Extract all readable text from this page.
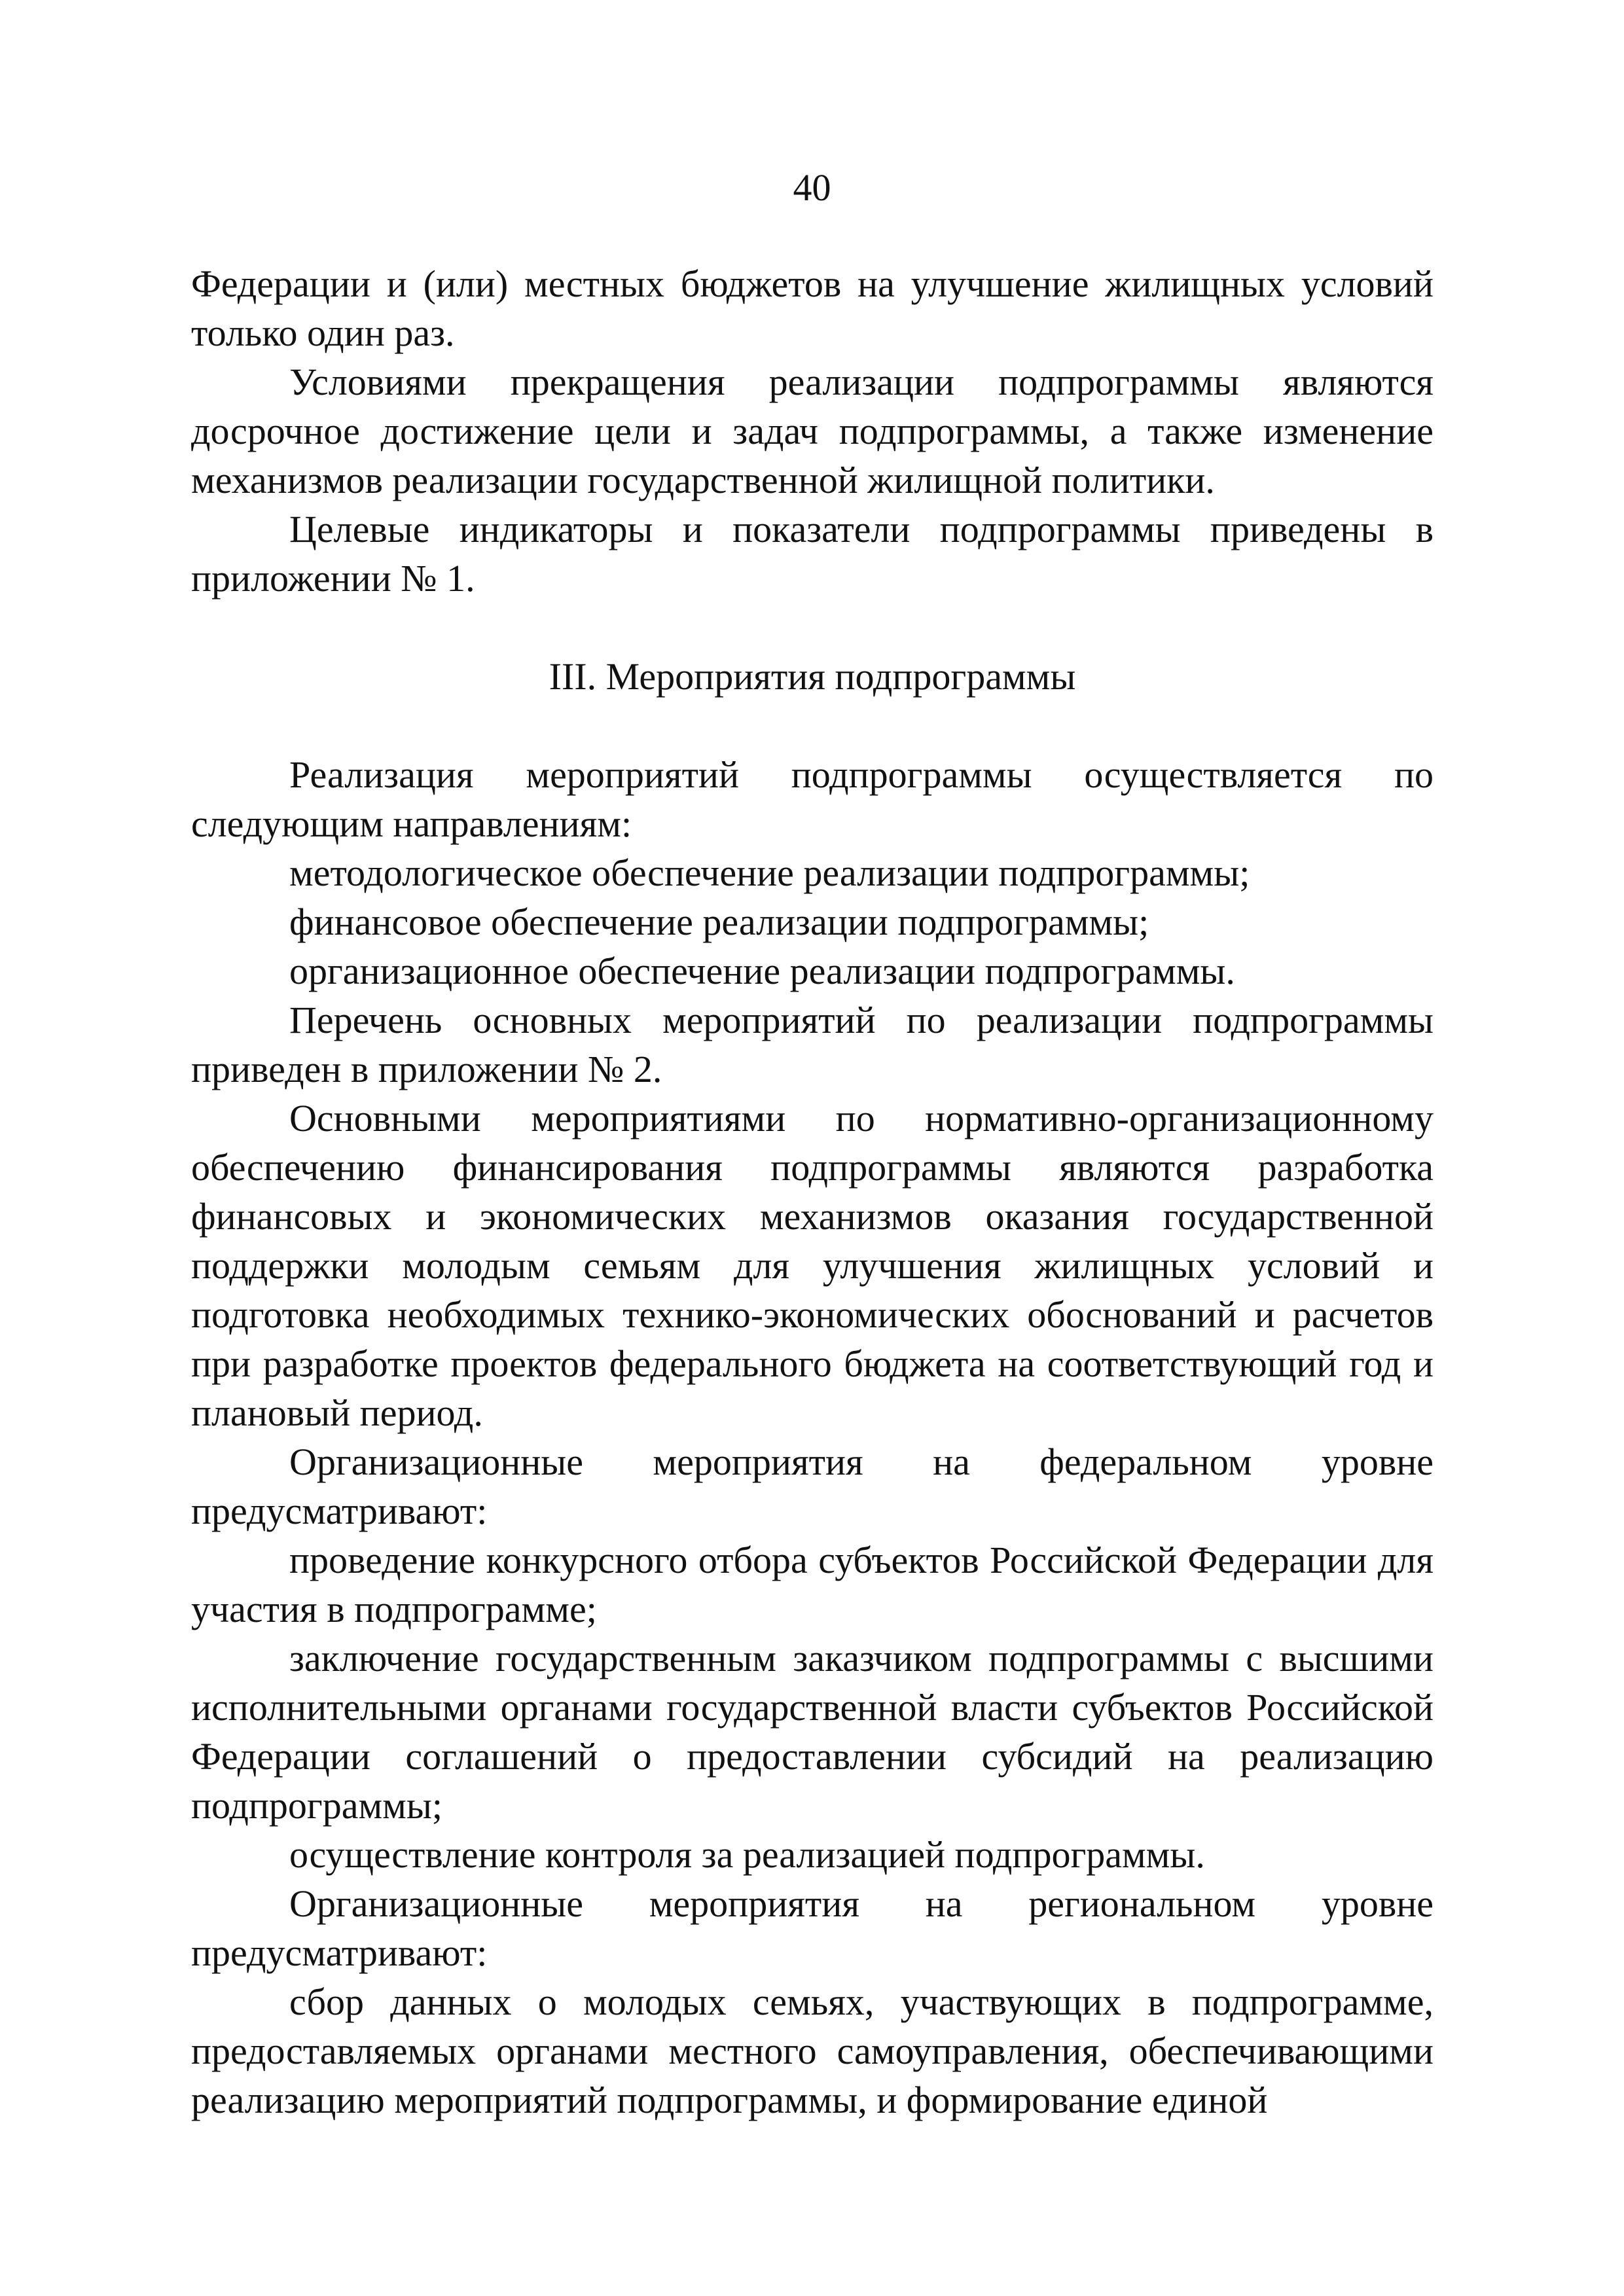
40

Федерации и (или) местных бюджетов на улучшение жилищных условий только один раз.

Условиями прекращения реализации подпрограммы являются досрочное достижение цели и задач подпрограммы, а также изменение механизмов реализации государственной жилищной политики.

Целевые индикаторы и показатели подпрограммы приведены в приложении № 1.

III. Мероприятия подпрограммы

Реализация мероприятий подпрограммы осуществляется по следующим направлениям:

методологическое обеспечение реализации подпрограммы;

финансовое обеспечение реализации подпрограммы;

организационное обеспечение реализации подпрограммы.

Перечень основных мероприятий по реализации подпрограммы приведен в приложении № 2.

Основными мероприятиями по нормативно-организационному обеспечению финансирования подпрограммы являются разработка финансовых и экономических механизмов оказания государственной поддержки молодым семьям для улучшения жилищных условий и подготовка необходимых технико-экономических обоснований и расчетов при разработке проектов федерального бюджета на соответствующий год и плановый период.

Организационные мероприятия на федеральном уровне предусматривают:

проведение конкурсного отбора субъектов Российской Федерации для участия в подпрограмме;

заключение государственным заказчиком подпрограммы с высшими исполнительными органами государственной власти субъектов Российской Федерации соглашений о предоставлении субсидий на реализацию подпрограммы;

осуществление контроля за реализацией подпрограммы.

Организационные мероприятия на региональном уровне предусматривают:

сбор данных о молодых семьях, участвующих в подпрограмме, предоставляемых органами местного самоуправления, обеспечивающими реализацию мероприятий подпрограммы, и формирование единой
